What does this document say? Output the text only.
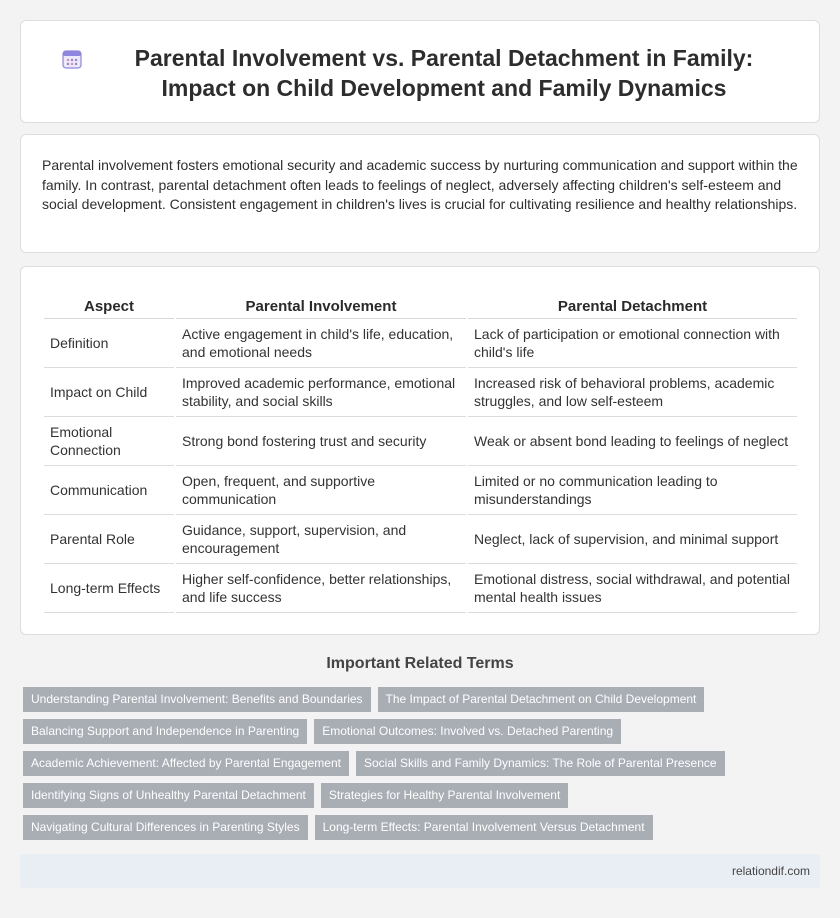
Parental Involvement vs. Parental Detachment in Family: Impact on Child Development and Family Dynamics

Parental involvement fosters emotional security and academic success by nurturing communication and support within the family. In contrast, parental detachment often leads to feelings of neglect, adversely affecting children's self-esteem and social development. Consistent engagement in children's lives is crucial for cultivating resilience and healthy relationships.

Aspect	Parental Involvement	Parental Detachment
Definition	Active engagement in child's life, education, and emotional needs	Lack of participation or emotional connection with child's life
Impact on Child	Improved academic performance, emotional stability, and social skills	Increased risk of behavioral problems, academic struggles, and low self-esteem
Emotional Connection	Strong bond fostering trust and security	Weak or absent bond leading to feelings of neglect
Communication	Open, frequent, and supportive communication	Limited or no communication leading to misunderstandings
Parental Role	Guidance, support, supervision, and encouragement	Neglect, lack of supervision, and minimal support
Long-term Effects	Higher self-confidence, better relationships, and life success	Emotional distress, social withdrawal, and potential mental health issues
Important Related Terms
Understanding Parental Involvement: Benefits and Boundaries	The Impact of Parental Detachment on Child Development
Balancing Support and Independence in Parenting	Emotional Outcomes: Involved vs. Detached Parenting
Academic Achievement: Affected by Parental Engagement	Social Skills and Family Dynamics: The Role of Parental Presence
Identifying Signs of Unhealthy Parental Detachment	Strategies for Healthy Parental Involvement
Navigating Cultural Differences in Parenting Styles	Long-term Effects: Parental Involvement Versus Detachment
relationdif.com
